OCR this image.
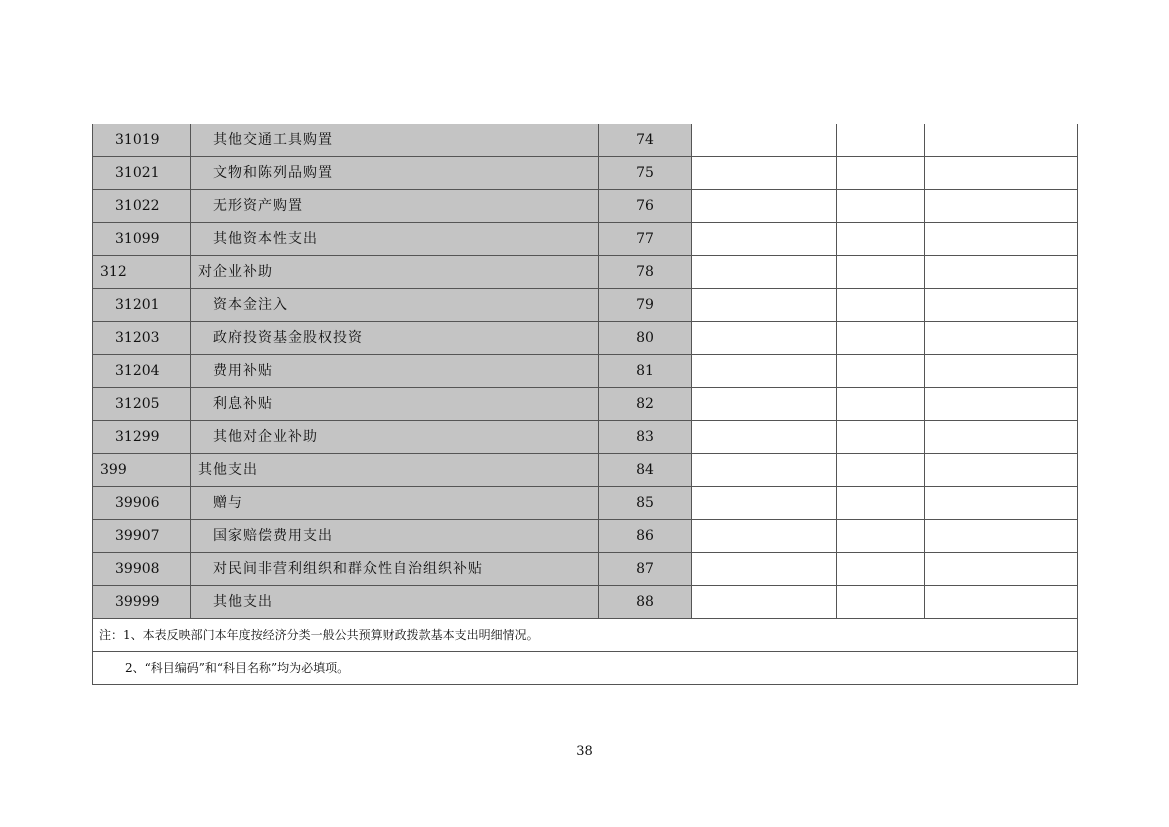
31019	其他交通工具购置	74			
31021	文物和陈列品购置	75			
31022	无形资产购置	76			
31099	其他资本性支出	77			
312	对企业补助	78			
31201	资本金注入	79			
31203	政府投资基金股权投资	80			
31204	费用补贴	81			
31205	利息补贴	82			
31299	其他对企业补助	83			
399	其他支出	84			
39906	赠与	85			
39907	国家赔偿费用支出	86			
39908	对民间非营利组织和群众性自治组织补贴	87			
39999	其他支出	88			
注：1、本表反映部门本年度按经济分类一般公共预算财政拨款基本支出明细情况。					
2、“科目编码”和“科目名称”均为必填项。					
38
